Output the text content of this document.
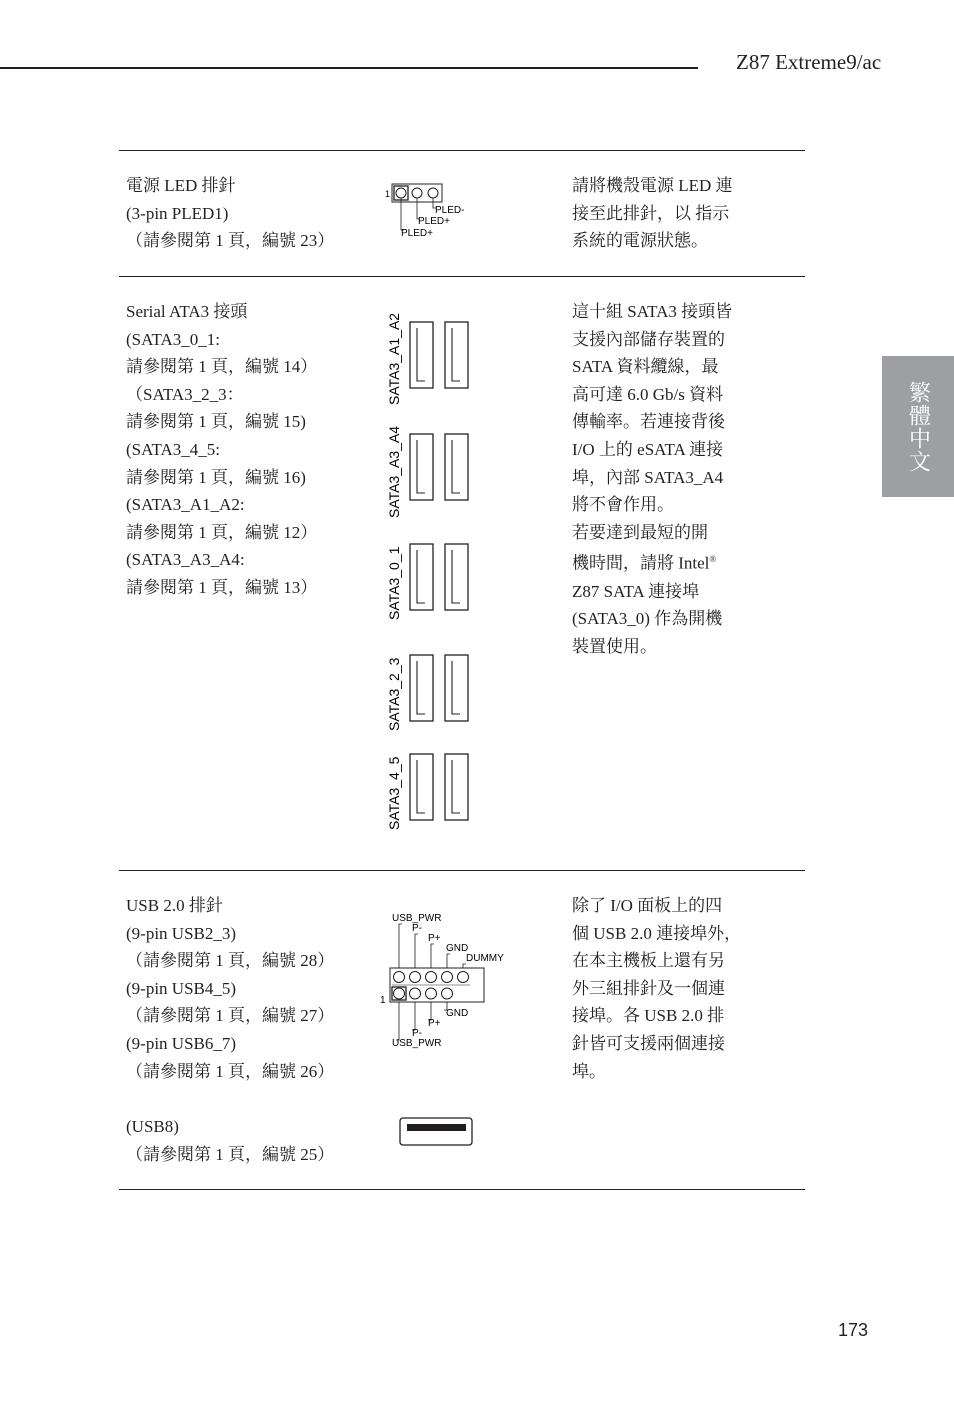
Z87 Extreme9/ac
繁體中文
電源 LED 排針
(3-pin PLED1)
（請參閱第 1 頁，編號 23）
1
PLED-
PLED+
PLED+
請將機殼電源 LED 連
接至此排針，以 指示
系統的電源狀態。
Serial ATA3 接頭
(SATA3_0_1:
請參閱第 1 頁，編號 14）
（SATA3_2_3：
請參閱第 1 頁，編號 15)
(SATA3_4_5:
請參閱第 1 頁，編號 16)
(SATA3_A1_A2:
請參閱第 1 頁，編號 12）
(SATA3_A3_A4:
請參閱第 1 頁，編號 13）
SATA3_A1_A2
SATA3_A3_A4
SATA3_0_1
SATA3_2_3
SATA3_4_5
這十組 SATA3 接頭皆
支援內部儲存裝置的
SATA 資料纜線，最
高可達 6.0 Gb/s 資料
傳輸率。若連接背後
I/O 上的 eSATA 連接
埠，內部 SATA3_A4
將不會作用。
若要達到最短的開
機時間，請將 Intel®
Z87 SATA 連接埠
(SATA3_0) 作為開機
裝置使用。
USB 2.0 排針
(9-pin USB2_3)
（請參閱第 1 頁，編號 28）
(9-pin USB4_5)
（請參閱第 1 頁，編號 27）
(9-pin USB6_7)
（請參閱第 1 頁，編號 26）
USB_PWR
P-
P+
GND
DUMMY
1
GND
P+
P-
USB_PWR
除了 I/O 面板上的四
個 USB 2.0 連接埠外，
在本主機板上還有另
外三組排針及一個連
接埠。各 USB 2.0 排
針皆可支援兩個連接
埠。
(USB8)
（請參閱第 1 頁，編號 25）
173
